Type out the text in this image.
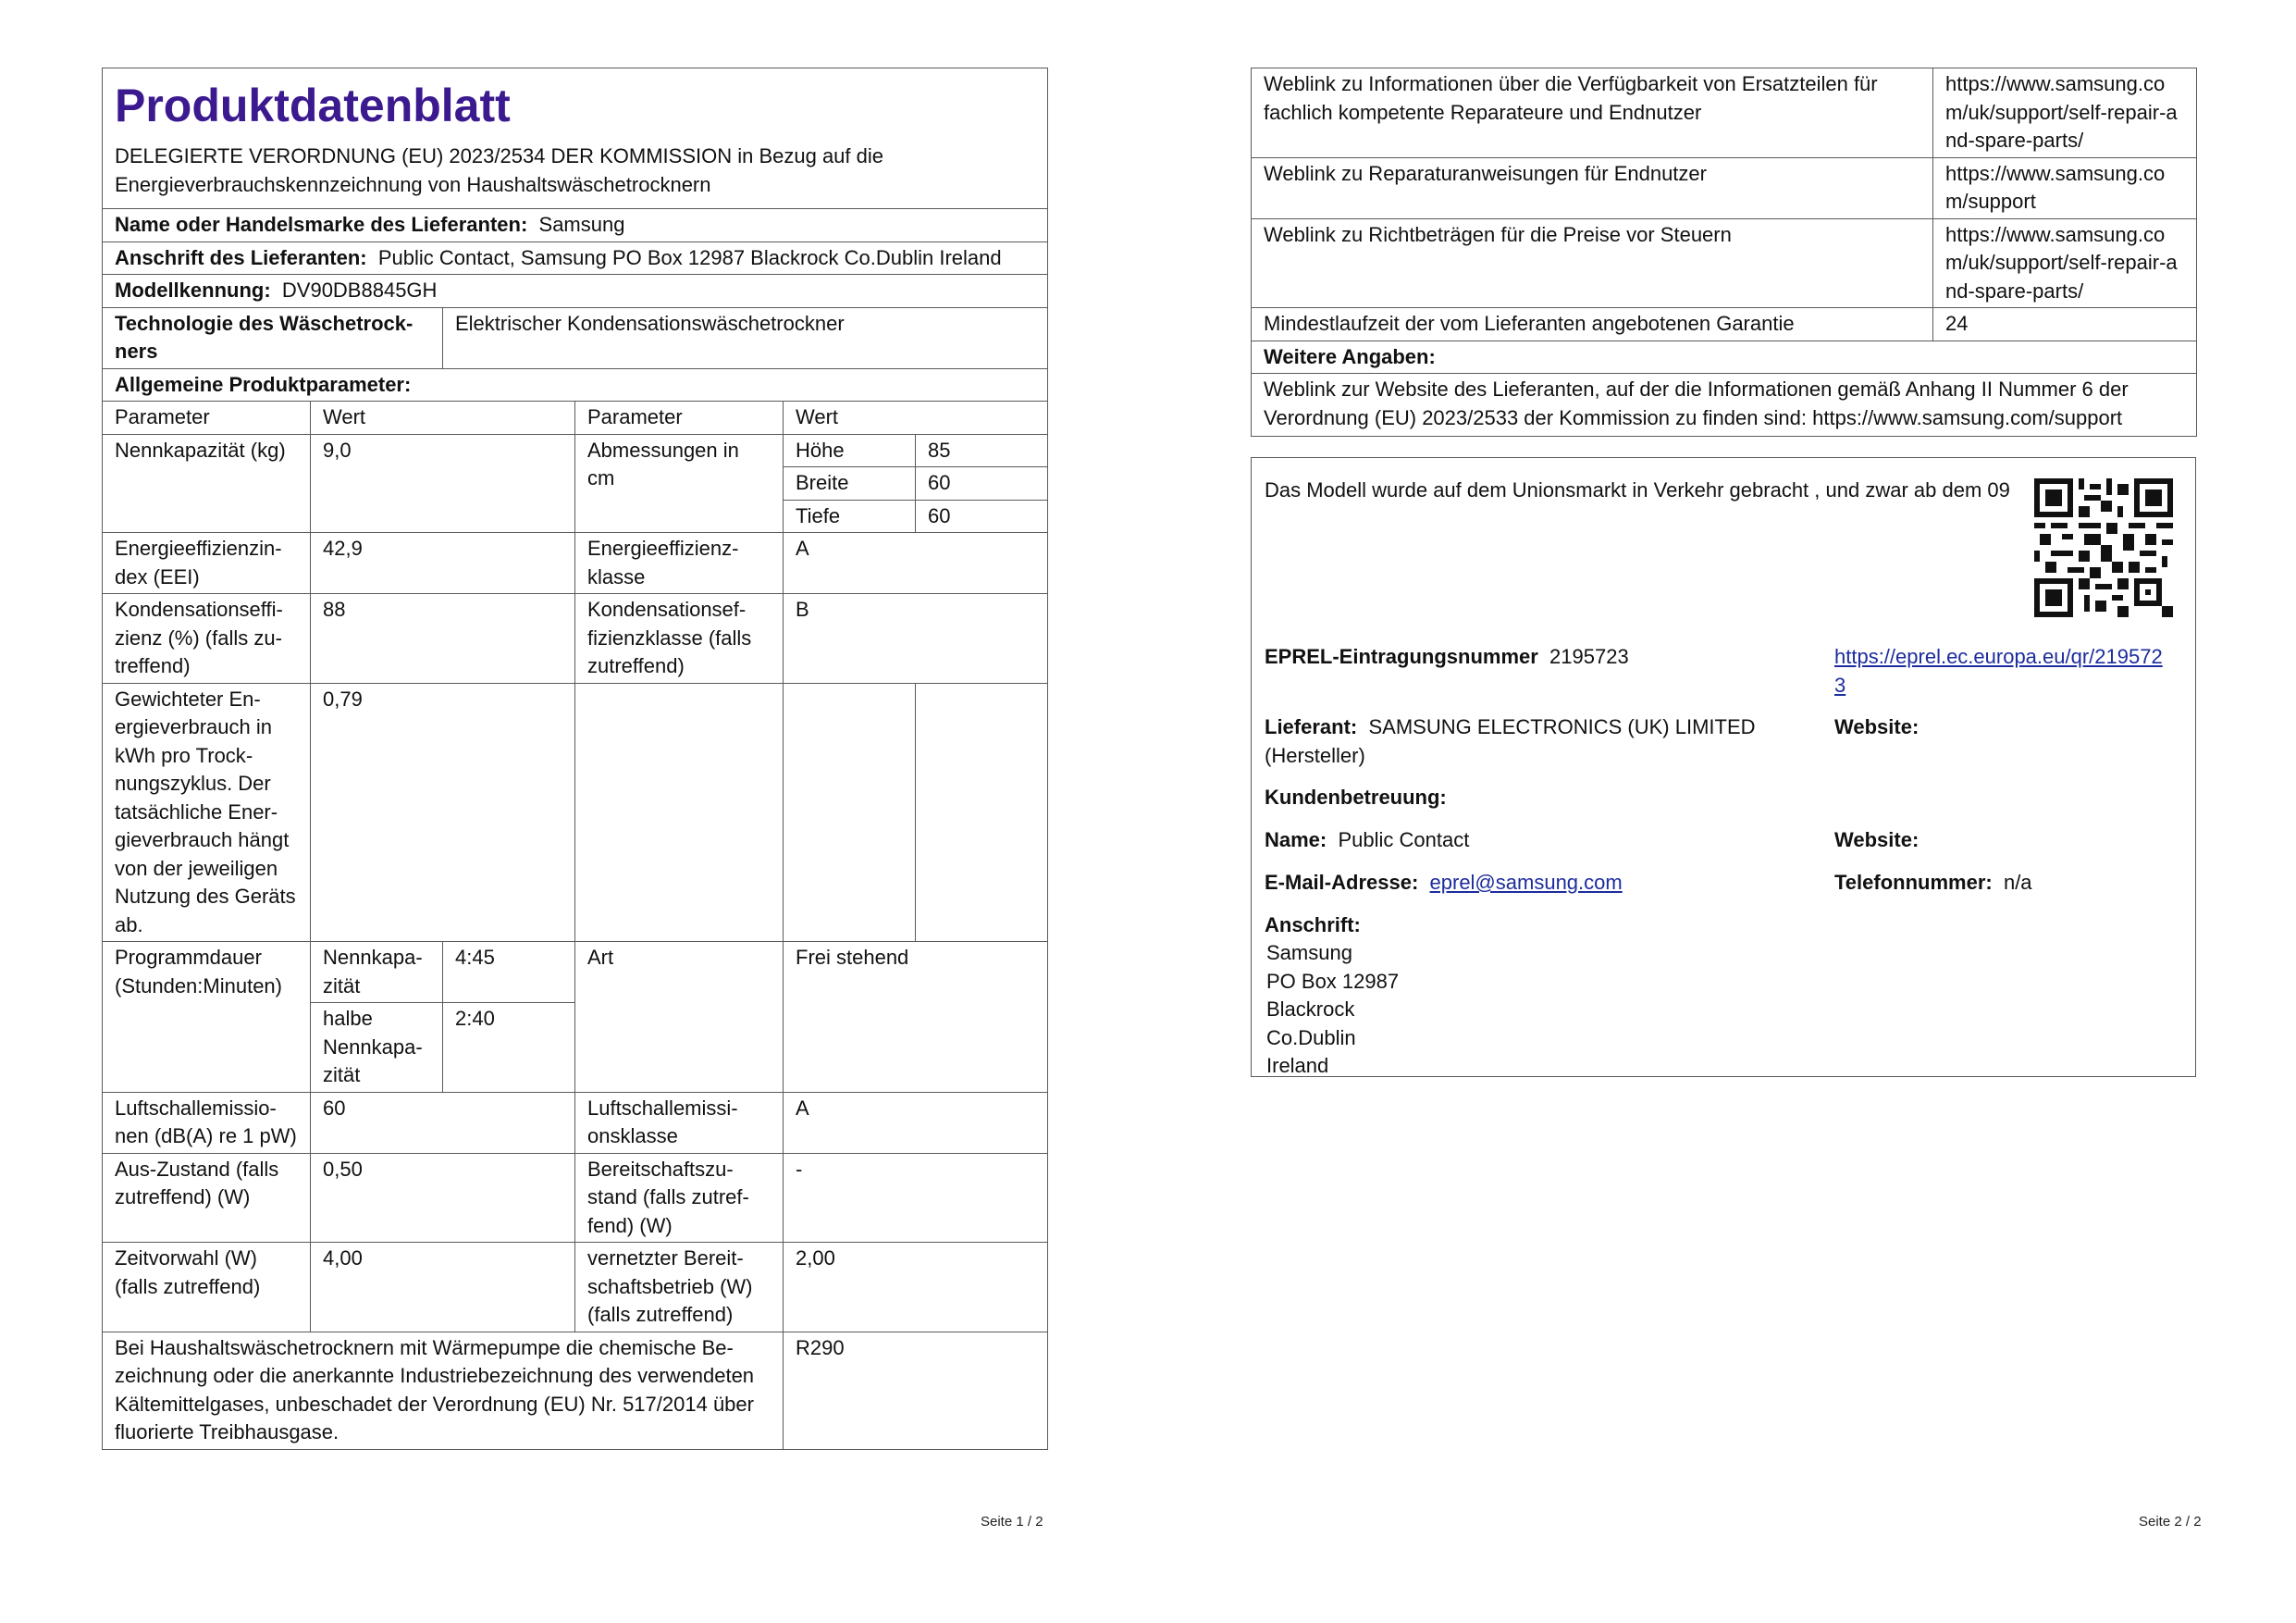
Produktdatenblatt
DELEGIERTE VERORDNUNG (EU) 2023/2534 DER KOMMISSION in Bezug auf die Energieverbrauchskennzeichnung von Haushaltswäschetrocknern					

Name oder Handelsmarke des Lieferanten: Samsung					
Anschrift des Lieferanten: Public Contact, Samsung PO Box 12987 Blackrock Co.Dublin Ireland					
Modellkennung: DV90DB8845GH					
Technologie des Wäschetrockners		Elektrischer Kondensationswäschetrockner			
Allgemeine Produktparameter:					
Parameter	Wert		Parameter	Wert	
Nennkapazität (kg)	9,0		Abmessungen in cm	Höhe	85
				Breite	60
				Tiefe	60
Energieeffizienzindex (EEI)	42,9		Energieeffizienzklasse	A	
Kondensationseffizienz (%) (falls zutreffend)	88		Kondensationseffizienzklasse (falls zutreffend)	B	
Gewichteter Energieverbrauch in kWh pro Trocknungszyklus. Der tatsächliche Energieverbrauch hängt von der jeweiligen Nutzung des Geräts ab.	0,79				
Programmdauer (Stunden:Minuten)	Nennkapazität	4:45	Art	Frei stehend	
	halbe Nennkapazität	2:40			
Luftschallemissionen (dB(A) re 1 pW)	60		Luftschallemissionsklasse	A	
Aus-Zustand (falls zutreffend) (W)	0,50		Bereitschaftszustand (falls zutreffend) (W)	-	
Zeitvorwahl (W) (falls zutreffend)	4,00		vernetzter Bereitschaftsbetrieb (W) (falls zutreffend)	2,00	
Bei Haushaltswäschetrocknern mit Wärmepumpe die chemische Bezeichnung oder die anerkannte Industriebezeichnung des verwendeten Kältemittelgases, unbeschadet der Verordnung (EU) Nr. 517/2014 über fluorierte Treibhausgase.				R290	
Seite 1 / 2
Weblink zu Informationen über die Verfügbarkeit von Ersatzteilen für fachlich kompetente Reparateure und Endnutzer	https://www.samsung.com/uk/support/self-repair-and-spare-parts/
Weblink zu Reparaturanweisungen für Endnutzer	https://www.samsung.com/support
Weblink zu Richtbeträgen für die Preise vor Steuern	https://www.samsung.com/uk/support/self-repair-and-spare-parts/
Mindestlaufzeit der vom Lieferanten angebotenen Garantie	24
Weitere Angaben:	
Weblink zur Website des Lieferanten, auf der die Informationen gemäß Anhang II Nummer 6 der Verordnung (EU) 2023/2533 der Kommission zu finden sind: https://www.samsung.com/support	
Das Modell wurde auf dem Unionsmarkt in Verkehr gebracht , und zwar ab dem 09
EPREL-Eintragungsnummer 2195723	https://eprel.ec.europa.eu/qr/2195723
Lieferant: SAMSUNG ELECTRONICS (UK) LIMITED (Hersteller)
Website:
Kundenbetreuung:
Name: Public Contact	Website:
E-Mail-Adresse: eprel@samsung.com	Telefonnummer: n/a
Anschrift:
Samsung
PO Box 12987
Blackrock
Co.Dublin
Ireland
Seite 2 / 2
